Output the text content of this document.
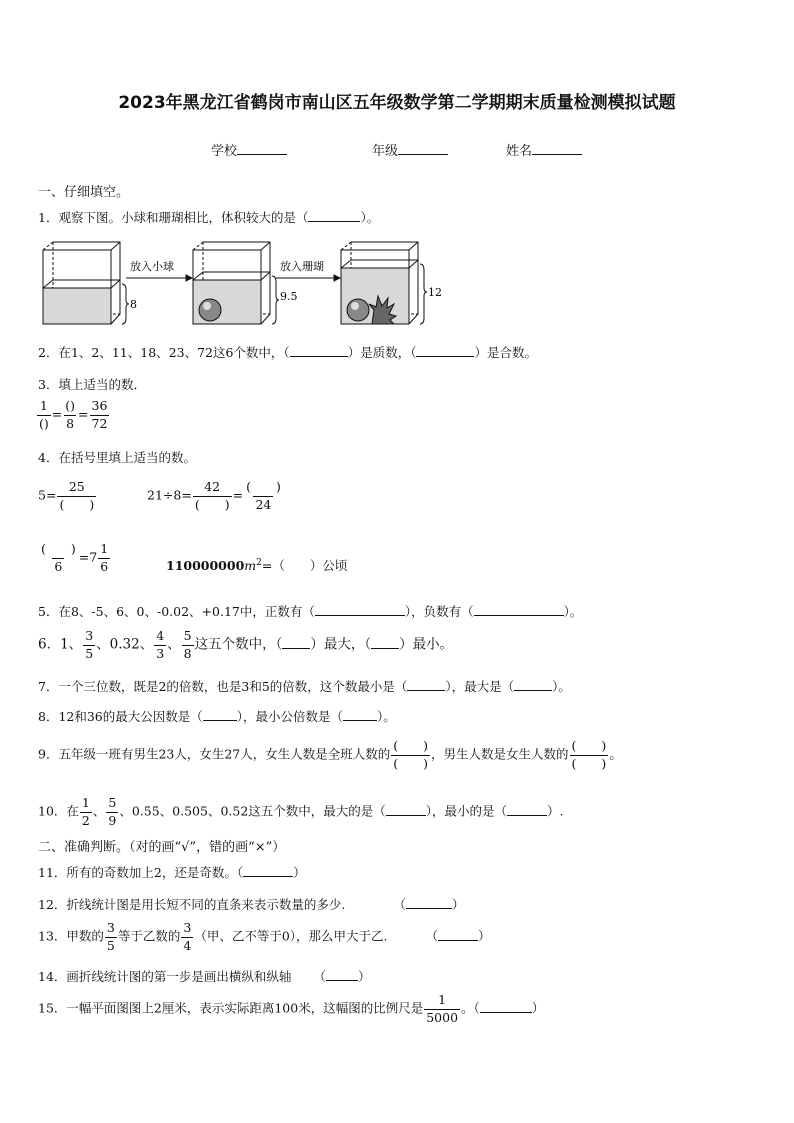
2023年黑龙江省鹤岗市南山区五年级数学第二学期期末质量检测模拟试题
学校	年级	姓名
一、仔细填空。
1．观察下图。小球和珊瑚相比，体积较大的是（	）。
放入小球	放入珊瑚
8
9.5	12
2．在1、2、11、18、23、72这6个数中，（	）是质数，（	）是合数。
3．填上适当的数．
$\frac{1}{()} = \frac{()}{8} = \frac{36}{72}$
4．在括号里填上适当的数。
$5= \frac{25}{( )}$	$21\div 8= \frac{42}{( )} = \frac{( )}{24}$
$\frac{( )}{6} =7 \frac{1}{6}$	$110000000m^2=$（　　）公顷
5．在8、-5、6、0、-0.02、+0.17中，正数有（	），负数有（	）。
6．1、 $\frac{3}{5}$ 、0.32、 $\frac{4}{3}$ 、 $\frac{5}{8}$ 这五个数中，（ ）最大，（ ）最小。
7．一个三位数，既是2的倍数，也是3和5的倍数，这个数最小是（	），最大是（	）。
8．12和36的最大公因数是（	），最小公倍数是（	）。
9．五年级一班有男生23人，女生27人，女生人数是全班人数的 $\frac{( )}{( )}$ ，男生人数是女生人数的 $\frac{( )}{( )}$ 。
10．在 $\frac{1}{2}$ 、 $\frac{5}{9}$ 、0.55、0.505、0.52这五个数中，最大的是（	），最小的是（	）.
二、准确判断。（对的画“√”，错的画“×”）
11．所有的奇数加上2，还是奇数。（	）
12．折线统计图是用长短不同的直条来表示数量的多少.	（	）
13．甲数的 $\frac{3}{5}$ 等于乙数的 $\frac{3}{4}$ （甲、乙不等于0），那么甲大于乙.	（	）
14．画折线统计图的第一步是画出横纵和纵轴 （	）
15．一幅平面图图上2厘米，表示实际距离100米，这幅图的比例尺是 $\frac{1}{5000}$ 。（	）
